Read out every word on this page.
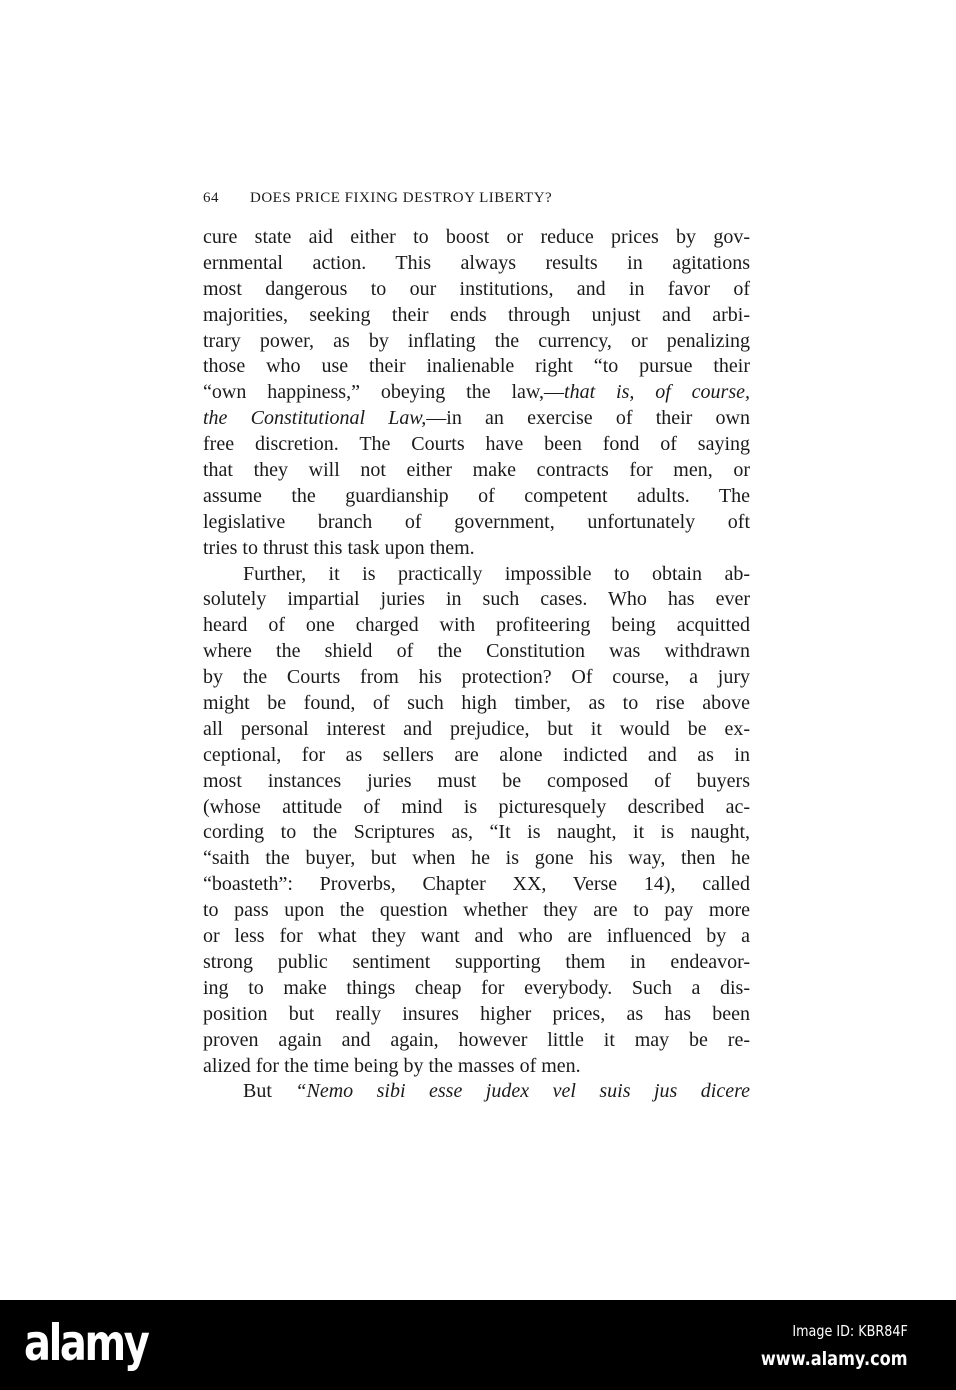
64 DOES PRICE FIXING DESTROY LIBERTY?
cure state aid either to boost or reduce prices by gov-
ernmental action. This always results in agitations
most dangerous to our institutions, and in favor of
majorities, seeking their ends through unjust and arbi-
trary power, as by inflating the currency, or penalizing
those who use their inalienable right “to pursue their
“own happiness,” obeying the law,—that is, of course,
the Constitutional Law,—in an exercise of their own
free discretion. The Courts have been fond of saying
that they will not either make contracts for men, or
assume the guardianship of competent adults. The
legislative branch of government, unfortunately oft
tries to thrust this task upon them.
Further, it is practically impossible to obtain ab-
solutely impartial juries in such cases. Who has ever
heard of one charged with profiteering being acquitted
where the shield of the Constitution was withdrawn
by the Courts from his protection? Of course, a jury
might be found, of such high timber, as to rise above
all personal interest and prejudice, but it would be ex-
ceptional, for as sellers are alone indicted and as in
most instances juries must be composed of buyers
(whose attitude of mind is picturesquely described ac-
cording to the Scriptures as, “It is naught, it is naught,
“saith the buyer, but when he is gone his way, then he
“boasteth”: Proverbs, Chapter XX, Verse 14), called
to pass upon the question whether they are to pay more
or less for what they want and who are influenced by a
strong public sentiment supporting them in endeavor-
ing to make things cheap for everybody. Such a dis-
position but really insures higher prices, as has been
proven again and again, however little it may be re-
alized for the time being by the masses of men.
But “Nemo sibi esse judex vel suis jus dicere
alamy	Image ID: KBR84F
www.alamy.com
